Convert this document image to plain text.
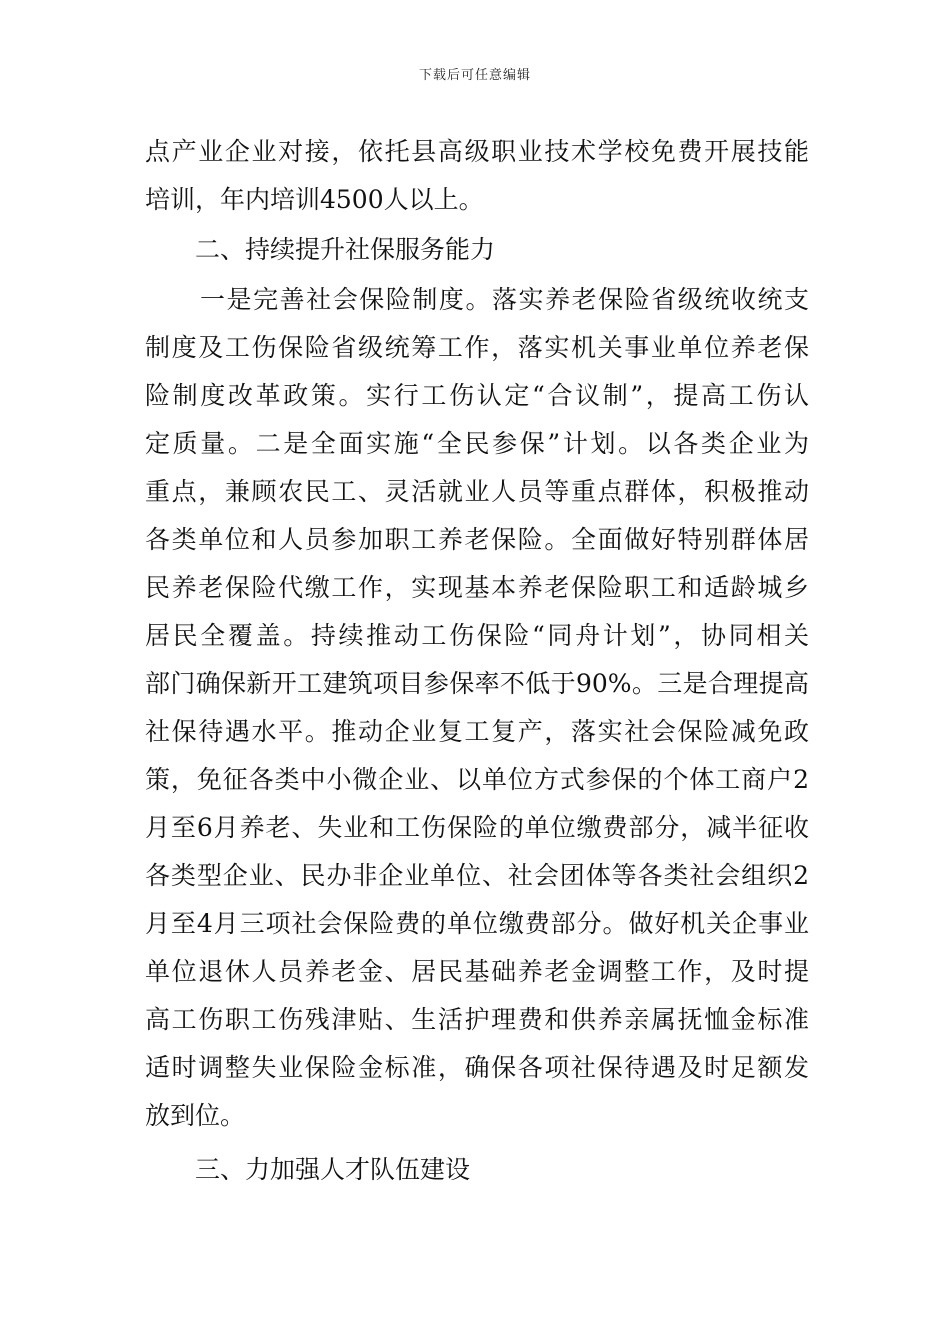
下载后可任意编辑
点产业企业对接，依托县高级职业技术学校免费开展技能
培训，年内培训4500人以上。
二、持续提升社保服务能力
一是完善社会保险制度。落实养老保险省级统收统支
制度及工伤保险省级统筹工作，落实机关事业单位养老保
险制度改革政策。实行工伤认定“合议制”，提高工伤认
定质量。二是全面实施“全民参保”计划。以各类企业为
重点，兼顾农民工、灵活就业人员等重点群体，积极推动
各类单位和人员参加职工养老保险。全面做好特别群体居
民养老保险代缴工作，实现基本养老保险职工和适龄城乡
居民全覆盖。持续推动工伤保险“同舟计划”，协同相关
部门确保新开工建筑项目参保率不低于90%。三是合理提高
社保待遇水平。推动企业复工复产，落实社会保险减免政
策，免征各类中小微企业、以单位方式参保的个体工商户2
月至6月养老、失业和工伤保险的单位缴费部分，减半征收
各类型企业、民办非企业单位、社会团体等各类社会组织2
月至4月三项社会保险费的单位缴费部分。做好机关企事业
单位退休人员养老金、居民基础养老金调整工作，及时提
高工伤职工伤残津贴、生活护理费和供养亲属抚恤金标准
适时调整失业保险金标准，确保各项社保待遇及时足额发
放到位。
三、力加强人才队伍建设
